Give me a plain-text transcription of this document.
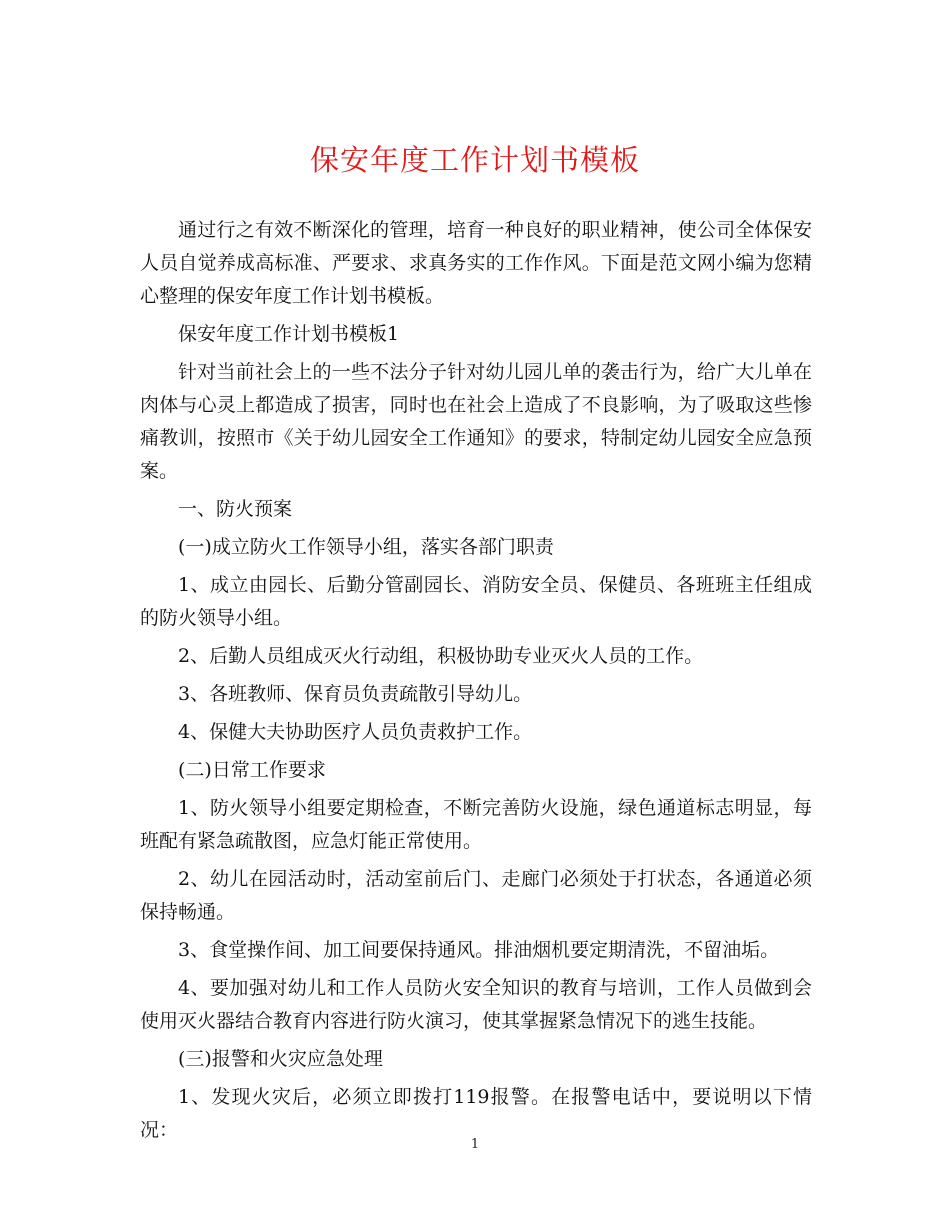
保安年度工作计划书模板

通过行之有效不断深化的管理，培育一种良好的职业精神，使公司全体保安人员自觉养成高标准、严要求、求真务实的工作作风。下面是范文网小编为您精心整理的保安年度工作计划书模板。

保安年度工作计划书模板1

针对当前社会上的一些不法分子针对幼儿园儿单的袭击行为，给广大儿单在肉体与心灵上都造成了损害，同时也在社会上造成了不良影响，为了吸取这些惨痛教训，按照市《关于幼儿园安全工作通知》的要求，特制定幼儿园安全应急预案。

一、防火预案

(一)成立防火工作领导小组，落实各部门职责

1、成立由园长、后勤分管副园长、消防安全员、保健员、各班班主任组成的防火领导小组。

2、后勤人员组成灭火行动组，积极协助专业灭火人员的工作。

3、各班教师、保育员负责疏散引导幼儿。

4、保健大夫协助医疗人员负责救护工作。

(二)日常工作要求

1、防火领导小组要定期检查，不断完善防火设施，绿色通道标志明显，每班配有紧急疏散图，应急灯能正常使用。

2、幼儿在园活动时，活动室前后门、走廊门必须处于打状态，各通道必须保持畅通。

3、食堂操作间、加工间要保持通风。排油烟机要定期清洗，不留油垢。

4、要加强对幼儿和工作人员防火安全知识的教育与培训，工作人员做到会使用灭火器结合教育内容进行防火演习，使其掌握紧急情况下的逃生技能。

(三)报警和火灾应急处理

1、发现火灾后，必须立即拨打119报警。在报警电话中，要说明以下情况：

1
